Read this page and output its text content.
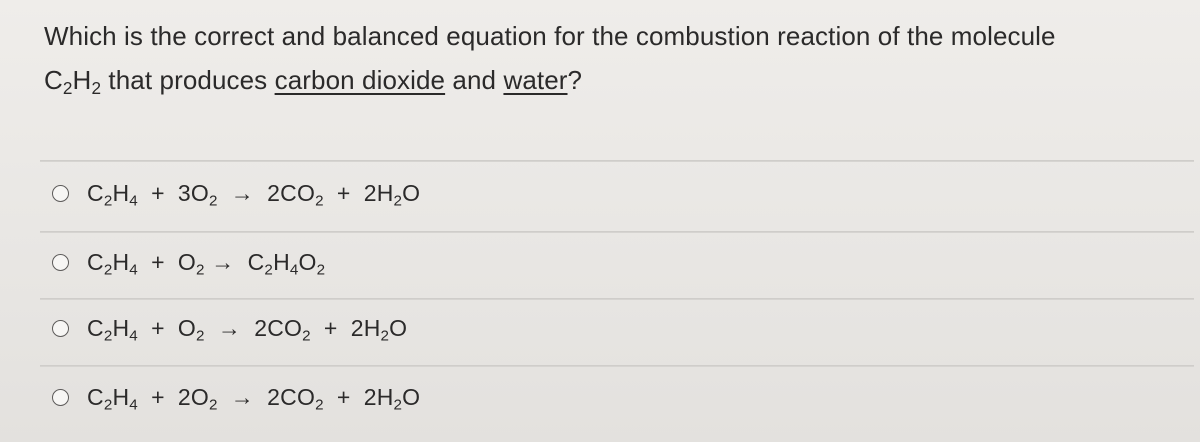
Which is the correct and balanced equation for the combustion reaction of the molecule
$C_2H_2$ that produces carbon dioxide and water?
$C_2H_4 + 3O_2 \to 2CO_2 + 2H_2O$
$C_2H_4 + O_2 \to C_2H_4O_2$
$C_2H_4 + O_2 \to 2CO_2 + 2H_2O$
$C_2H_4 + 2O_2 \to 2CO_2 + 2H_2O$
